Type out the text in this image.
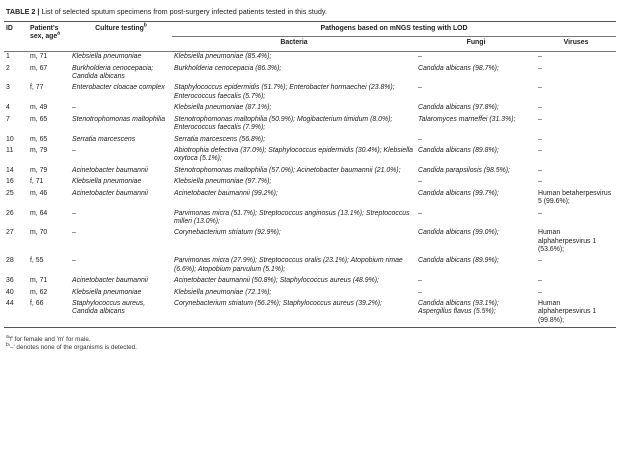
TABLE 2 | List of selected sputum specimens from post-surgery infected patients tested in this study.
ID	Patient's sex, age$^a$	Culture testing$^b$	Pathogens based on mNGS testing with LOD		
			Bacteria	Fungi	Viruses

1	m, 71	Klebsiella pneumoniae	Klebsiella pneumoniae (85.4%);	–	–
2	m, 67	Burkholderia cenocepacia; Candida albicans	Burkholderia cenocepacia (86.3%);	Candida albicans (98.7%);	–
3	f, 77	Enterobacter cloacae complex	Staphylococcus epidermidis (51.7%); Enterobacter hormaechei (23.8%); Enterococcus faecalis (5.7%);	–	–
4	m, 49	–	Klebsiella pneumoniae (87.1%);	Candida albicans (97.8%);	–
7	m, 65	Stenotrophomonas maltophilia	Stenotrophomonas maltophilia (50.9%); Mogibacterium timidum (8.0%); Enterococcus faecalis (7.9%);	Talaromyces marneffei (31.3%);	–
10	m, 65	Serratia marcescens	Serratia marcescens (56.8%);	–	–
11	m, 79	–	Abiotrophia defectiva (37.0%); Staphylococcus epidermidis (30.4%); Klebsiella oxytoca (5.1%);	Candida albicans (89.8%);	–
14	m, 79	Acinetobacter baumannii	Stenotrophomonas maltophilia (57.0%); Acinetobacter baumannii (21.0%);	Candida parapsilosis (98.5%);	–
16	f, 71	Klebsiella pneumoniae	Klebsiella pneumoniae (97.7%);	–	–
25	m, 46	Acinetobacter baumannii	Acinetobacter baumannii (99.2%);	Candida albicans (99.7%);	Human betaherpesvirus 5 (99.6%);
26	m, 64	–	Parvimonas micra (51.7%); Streptococcus anginosus (13.1%); Streptococcus milleri (13.0%);	–	–
27	m, 70	–	Corynebacterium striatum (92.9%);	Candida albicans (99.0%);	Human alphaherpesvirus 1 (53.6%);
28	f, 55	–	Parvimonas micra (27.9%); Streptococcus oralis (23.1%); Atopobium rimae (6.6%); Atopobium parvulum (5.1%);	Candida albicans (89.9%);	–
36	m, 71	Acinetobacter baumannii	Acinetobacter baumannii (50.8%); Staphylococcus aureus (48.9%);	–	–
40	m, 62	Klebsiella pneumoniae	Klebsiella pneumoniae (72.1%);	–	–
44	f, 66	Staphylococcus aureus, Candida albicans	Corynebacterium striatum (56.2%); Staphylococcus aureus (39.2%);	Candida albicans (93.1%); Aspergillus flavus (5.5%);	Human alphaherpesvirus 1 (99.8%);
$^a$'f' for female and 'm' for male.
$^b$'–' denotes none of the organisms is detected.
